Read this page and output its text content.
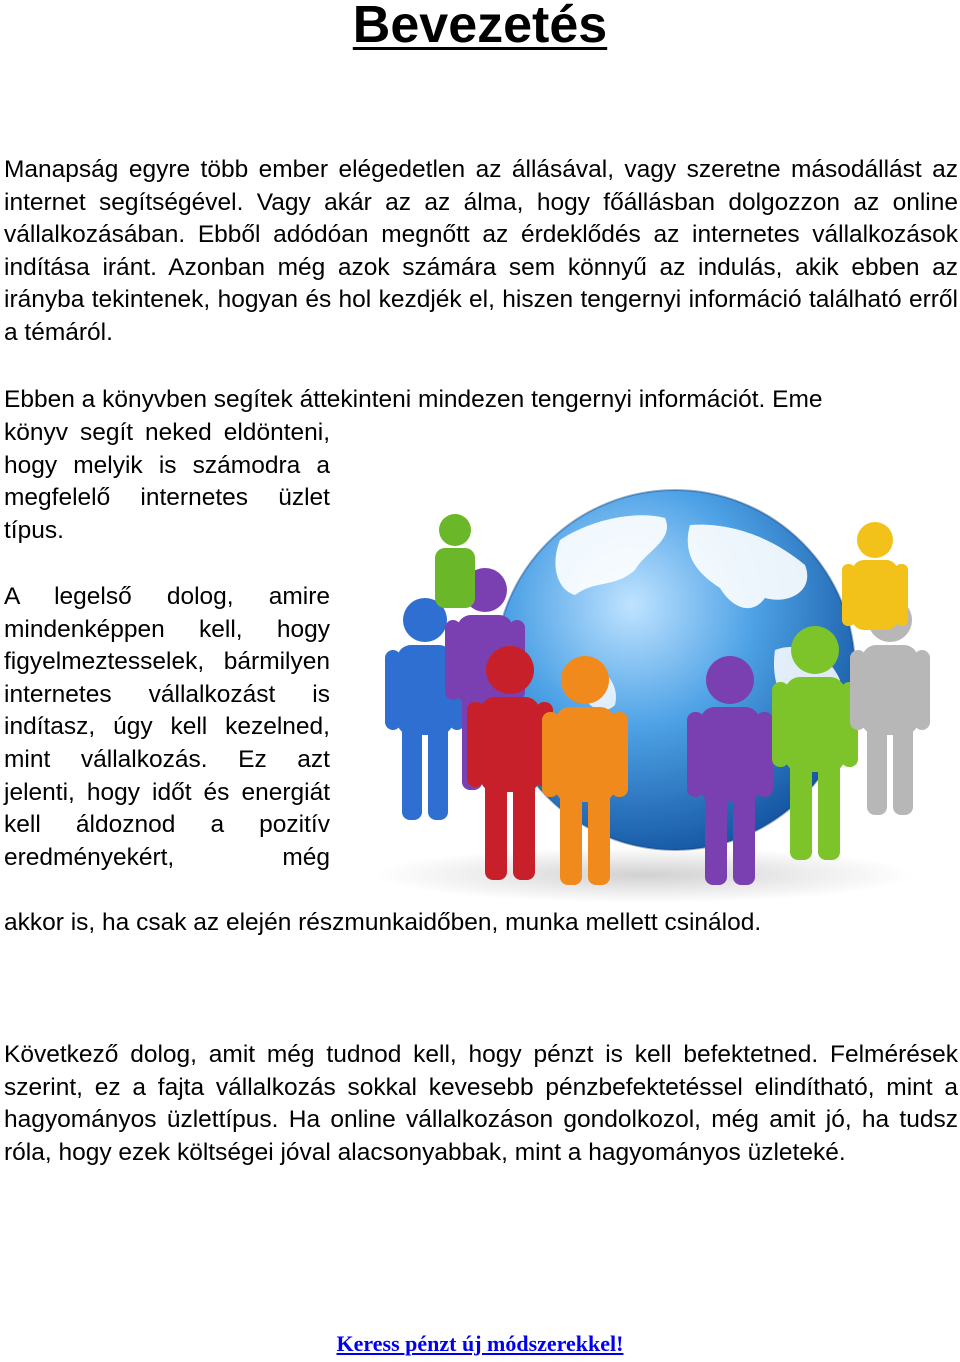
Bevezetés

Manapság egyre több ember elégedetlen az állásával, vagy szeretne másodállást az internet segítségével. Vagy akár az az álma, hogy főállásban dolgozzon az online vállalkozásában. Ebből adódóan megnőtt az érdeklődés az internetes vállalkozások indítása iránt. Azonban még azok számára sem könnyű az indulás, akik ebben az irányba tekintenek, hogyan és hol kezdjék el, hiszen tengernyi információ található erről a témáról.

Ebben a könyvben segítek áttekinteni mindezen tengernyi információt. Eme

könyv segít neked eldönteni, hogy melyik is számodra a megfelelő internetes üzlet típus.

A legelső dolog, amire mindenképpen kell, hogy figyelmeztesselek, bármilyen internetes vállalkozást is indítasz, úgy kell kezelned, mint vállalkozás. Ez azt jelenti, hogy időt és energiát kell áldoznod a pozitív eredményekért, még

akkor is, ha csak az elején részmunkaidőben, munka mellett csinálod.

Következő dolog, amit még tudnod kell, hogy pénzt is kell befektetned. Felmérések szerint, ez a fajta vállalkozás sokkal kevesebb pénzbefektetéssel elindítható, mint a hagyományos üzlettípus. Ha online vállalkozáson gondolkozol, még amit jó, ha tudsz róla, hogy ezek költségei jóval alacsonyabbak, mint a hagyományos üzleteké.

Keress pénzt új módszerekkel!
